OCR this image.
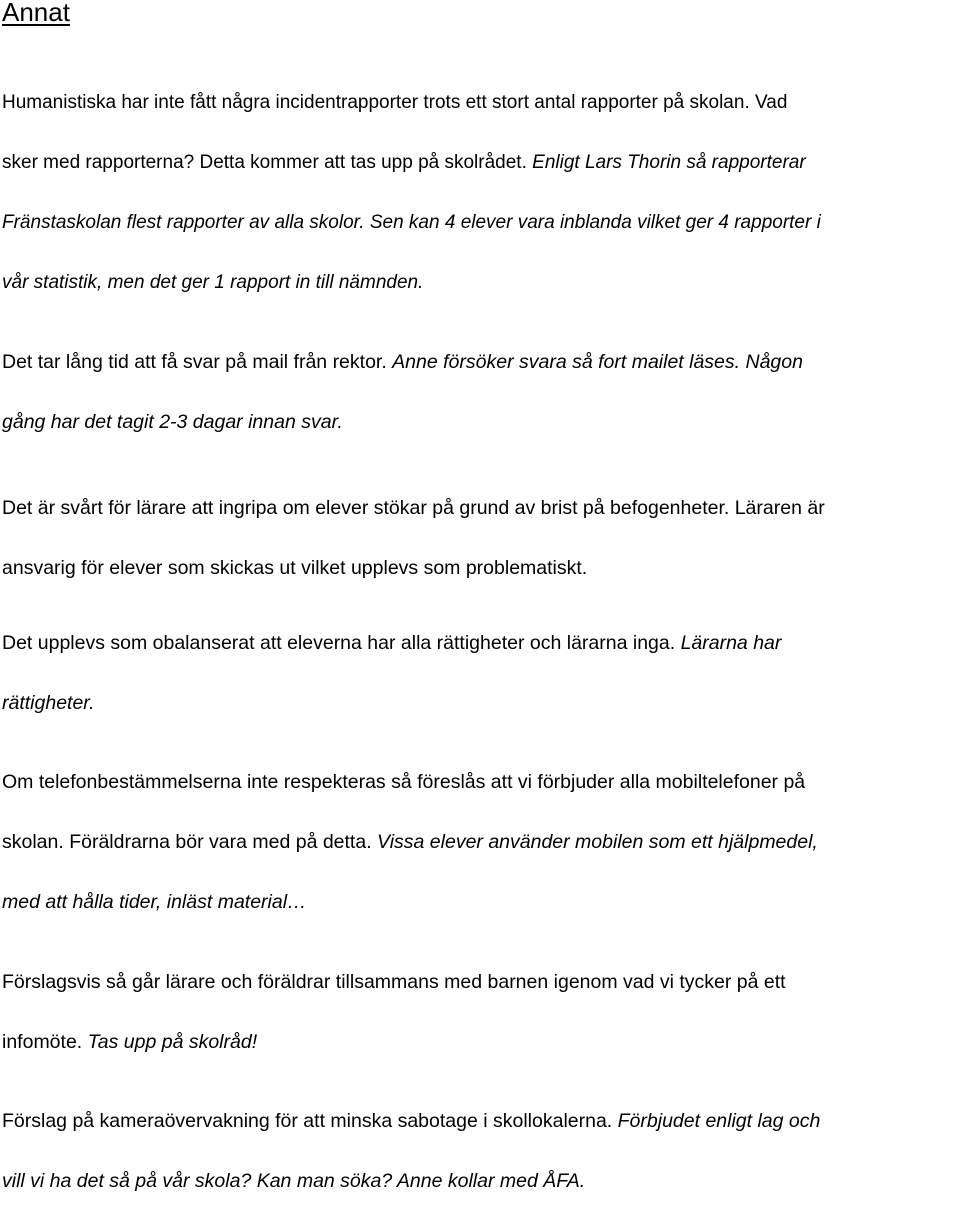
Annat
Humanistiska har inte fått några incidentrapporter trots ett stort antal rapporter på skolan. Vad
sker med rapporterna? Detta kommer att tas upp på skolrådet. Enligt Lars Thorin så rapporterar
Fränstaskolan flest rapporter av alla skolor. Sen kan 4 elever vara inblanda vilket ger 4 rapporter i
vår statistik, men det ger 1 rapport in till nämnden.
Det tar lång tid att få svar på mail från rektor. Anne försöker svara så fort mailet läses. Någon
gång har det tagit 2-3 dagar innan svar.
Det är svårt för lärare att ingripa om elever stökar på grund av brist på befogenheter. Läraren är
ansvarig för elever som skickas ut vilket upplevs som problematiskt.
Det upplevs som obalanserat att eleverna har alla rättigheter och lärarna inga. Lärarna har
rättigheter.
Om telefonbestämmelserna inte respekteras så föreslås att vi förbjuder alla mobiltelefoner på
skolan. Föräldrarna bör vara med på detta. Vissa elever använder mobilen som ett hjälpmedel,
med att hålla tider, inläst material…
Förslagsvis så går lärare och föräldrar tillsammans med barnen igenom vad vi tycker på ett
infomöte. Tas upp på skolråd!
Förslag på kameraövervakning för att minska sabotage i skollokalerna. Förbjudet enligt lag och
vill vi ha det så på vår skola? Kan man söka? Anne kollar med ÅFA.
